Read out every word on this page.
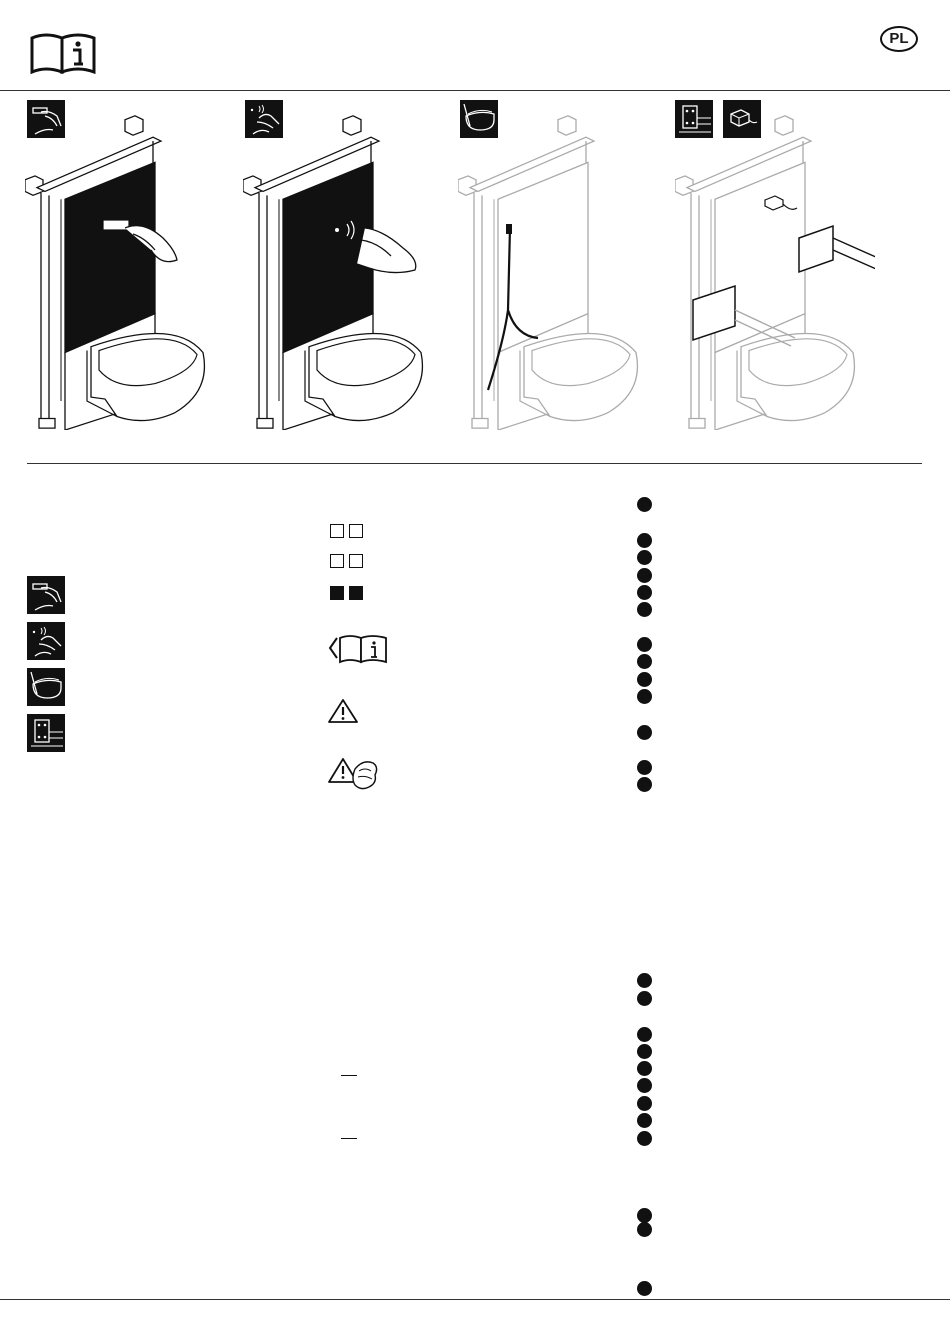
PL
